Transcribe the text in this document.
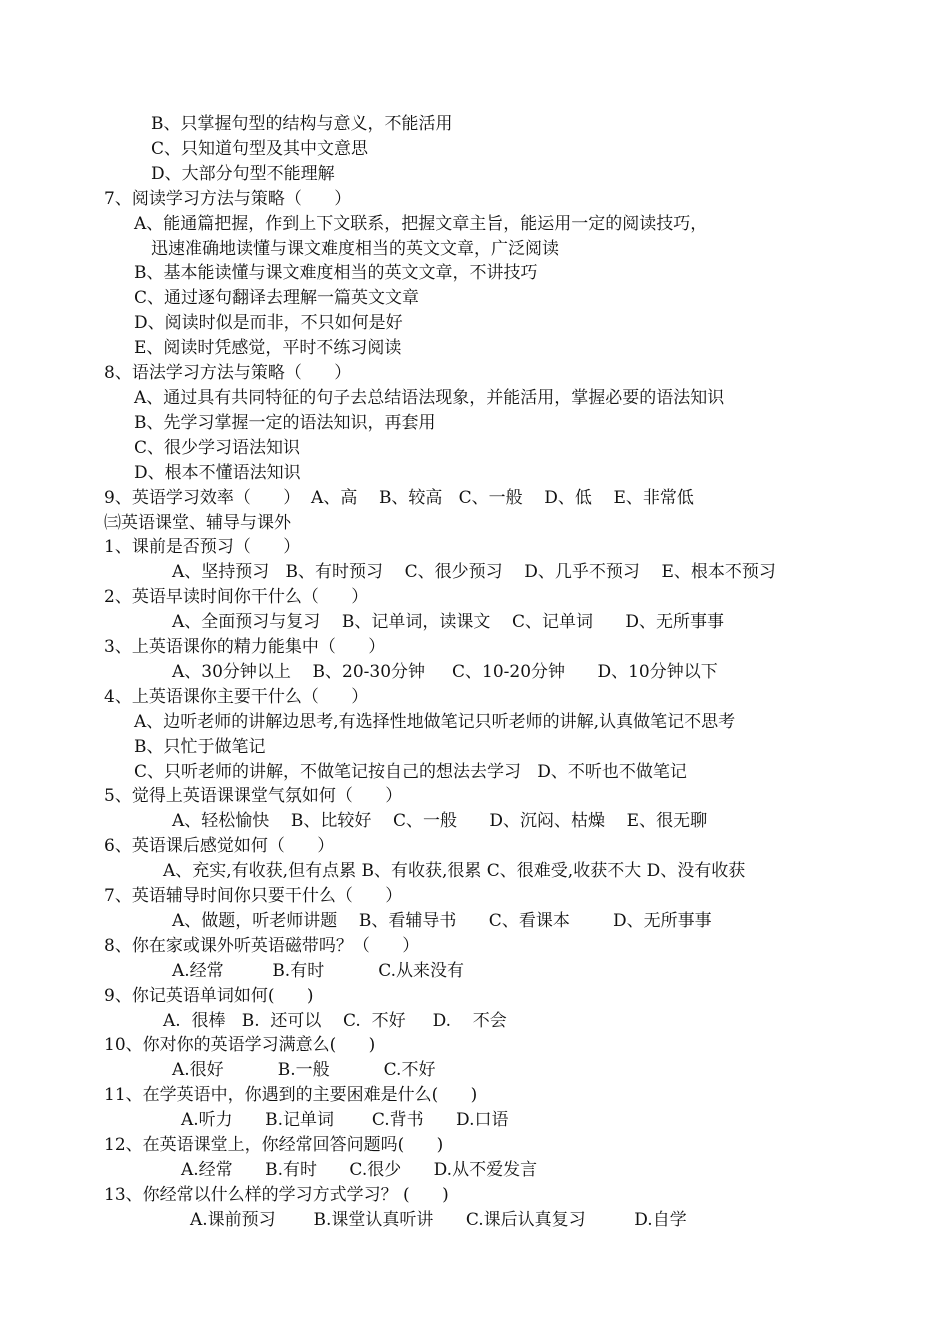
B、只掌握句型的结构与意义，不能活用
C、只知道句型及其中文意思
D、大部分句型不能理解
7、阅读学习方法与策略（      ）
A、能通篇把握，作到上下文联系，把握文章主旨，能运用一定的阅读技巧，
迅速准确地读懂与课文难度相当的英文文章，广泛阅读
B、基本能读懂与课文难度相当的英文文章，不讲技巧
C、通过逐句翻译去理解一篇英文文章
D、阅读时似是而非，不只如何是好
E、阅读时凭感觉，平时不练习阅读
8、语法学习方法与策略（      ）
A、通过具有共同特征的句子去总结语法现象，并能活用，掌握必要的语法知识
B、先学习掌握一定的语法知识，再套用
C、很少学习语法知识
D、根本不懂语法知识
9、英语学习效率（      ）  A、高    B、较高   C、一般    D、低    E、非常低
㈢英语课堂、辅导与课外
1、课前是否预习（      ）
A、坚持预习   B、有时预习    C、很少预习    D、几乎不预习    E、根本不预习
2、英语早读时间你干什么（      ）
A、全面预习与复习    B、记单词，读课文    C、记单词      D、无所事事
3、上英语课你的精力能集中（      ）
A、30分钟以上    B、20-30分钟     C、10-20分钟      D、10分钟以下
4、上英语课你主要干什么（      ）
A、边听老师的讲解边思考,有选择性地做笔记只听老师的讲解,认真做笔记不思考
B、只忙于做笔记
C、只听老师的讲解，不做笔记按自己的想法去学习   D、不听也不做笔记
5、觉得上英语课课堂气氛如何（      ）
A、轻松愉快    B、比较好    C、一般      D、沉闷、枯燥    E、很无聊
6、英语课后感觉如何（      ）
A、充实,有收获,但有点累 B、有收获,很累 C、很难受,收获不大 D、没有收获
7、英语辅导时间你只要干什么（      ）
A、做题，听老师讲题    B、看辅导书      C、看课本        D、无所事事
8、你在家或课外听英语磁带吗？（      ）
A.经常         B.有时          C.从来没有
9、你记英语单词如何(      )
A.  很棒   B.  还可以    C.  不好     D.    不会
10、你对你的英语学习满意么(      )
A.很好          B.一般          C.不好
11、在学英语中，你遇到的主要困难是什么(      )
A.听力      B.记单词       C.背书      D.口语
12、在英语课堂上，你经常回答问题吗(      )
A.经常      B.有时      C.很少      D.从不爱发言
13、你经常以什么样的学习方式学习？ (      )
A.课前预习       B.课堂认真听讲      C.课后认真复习         D.自学
